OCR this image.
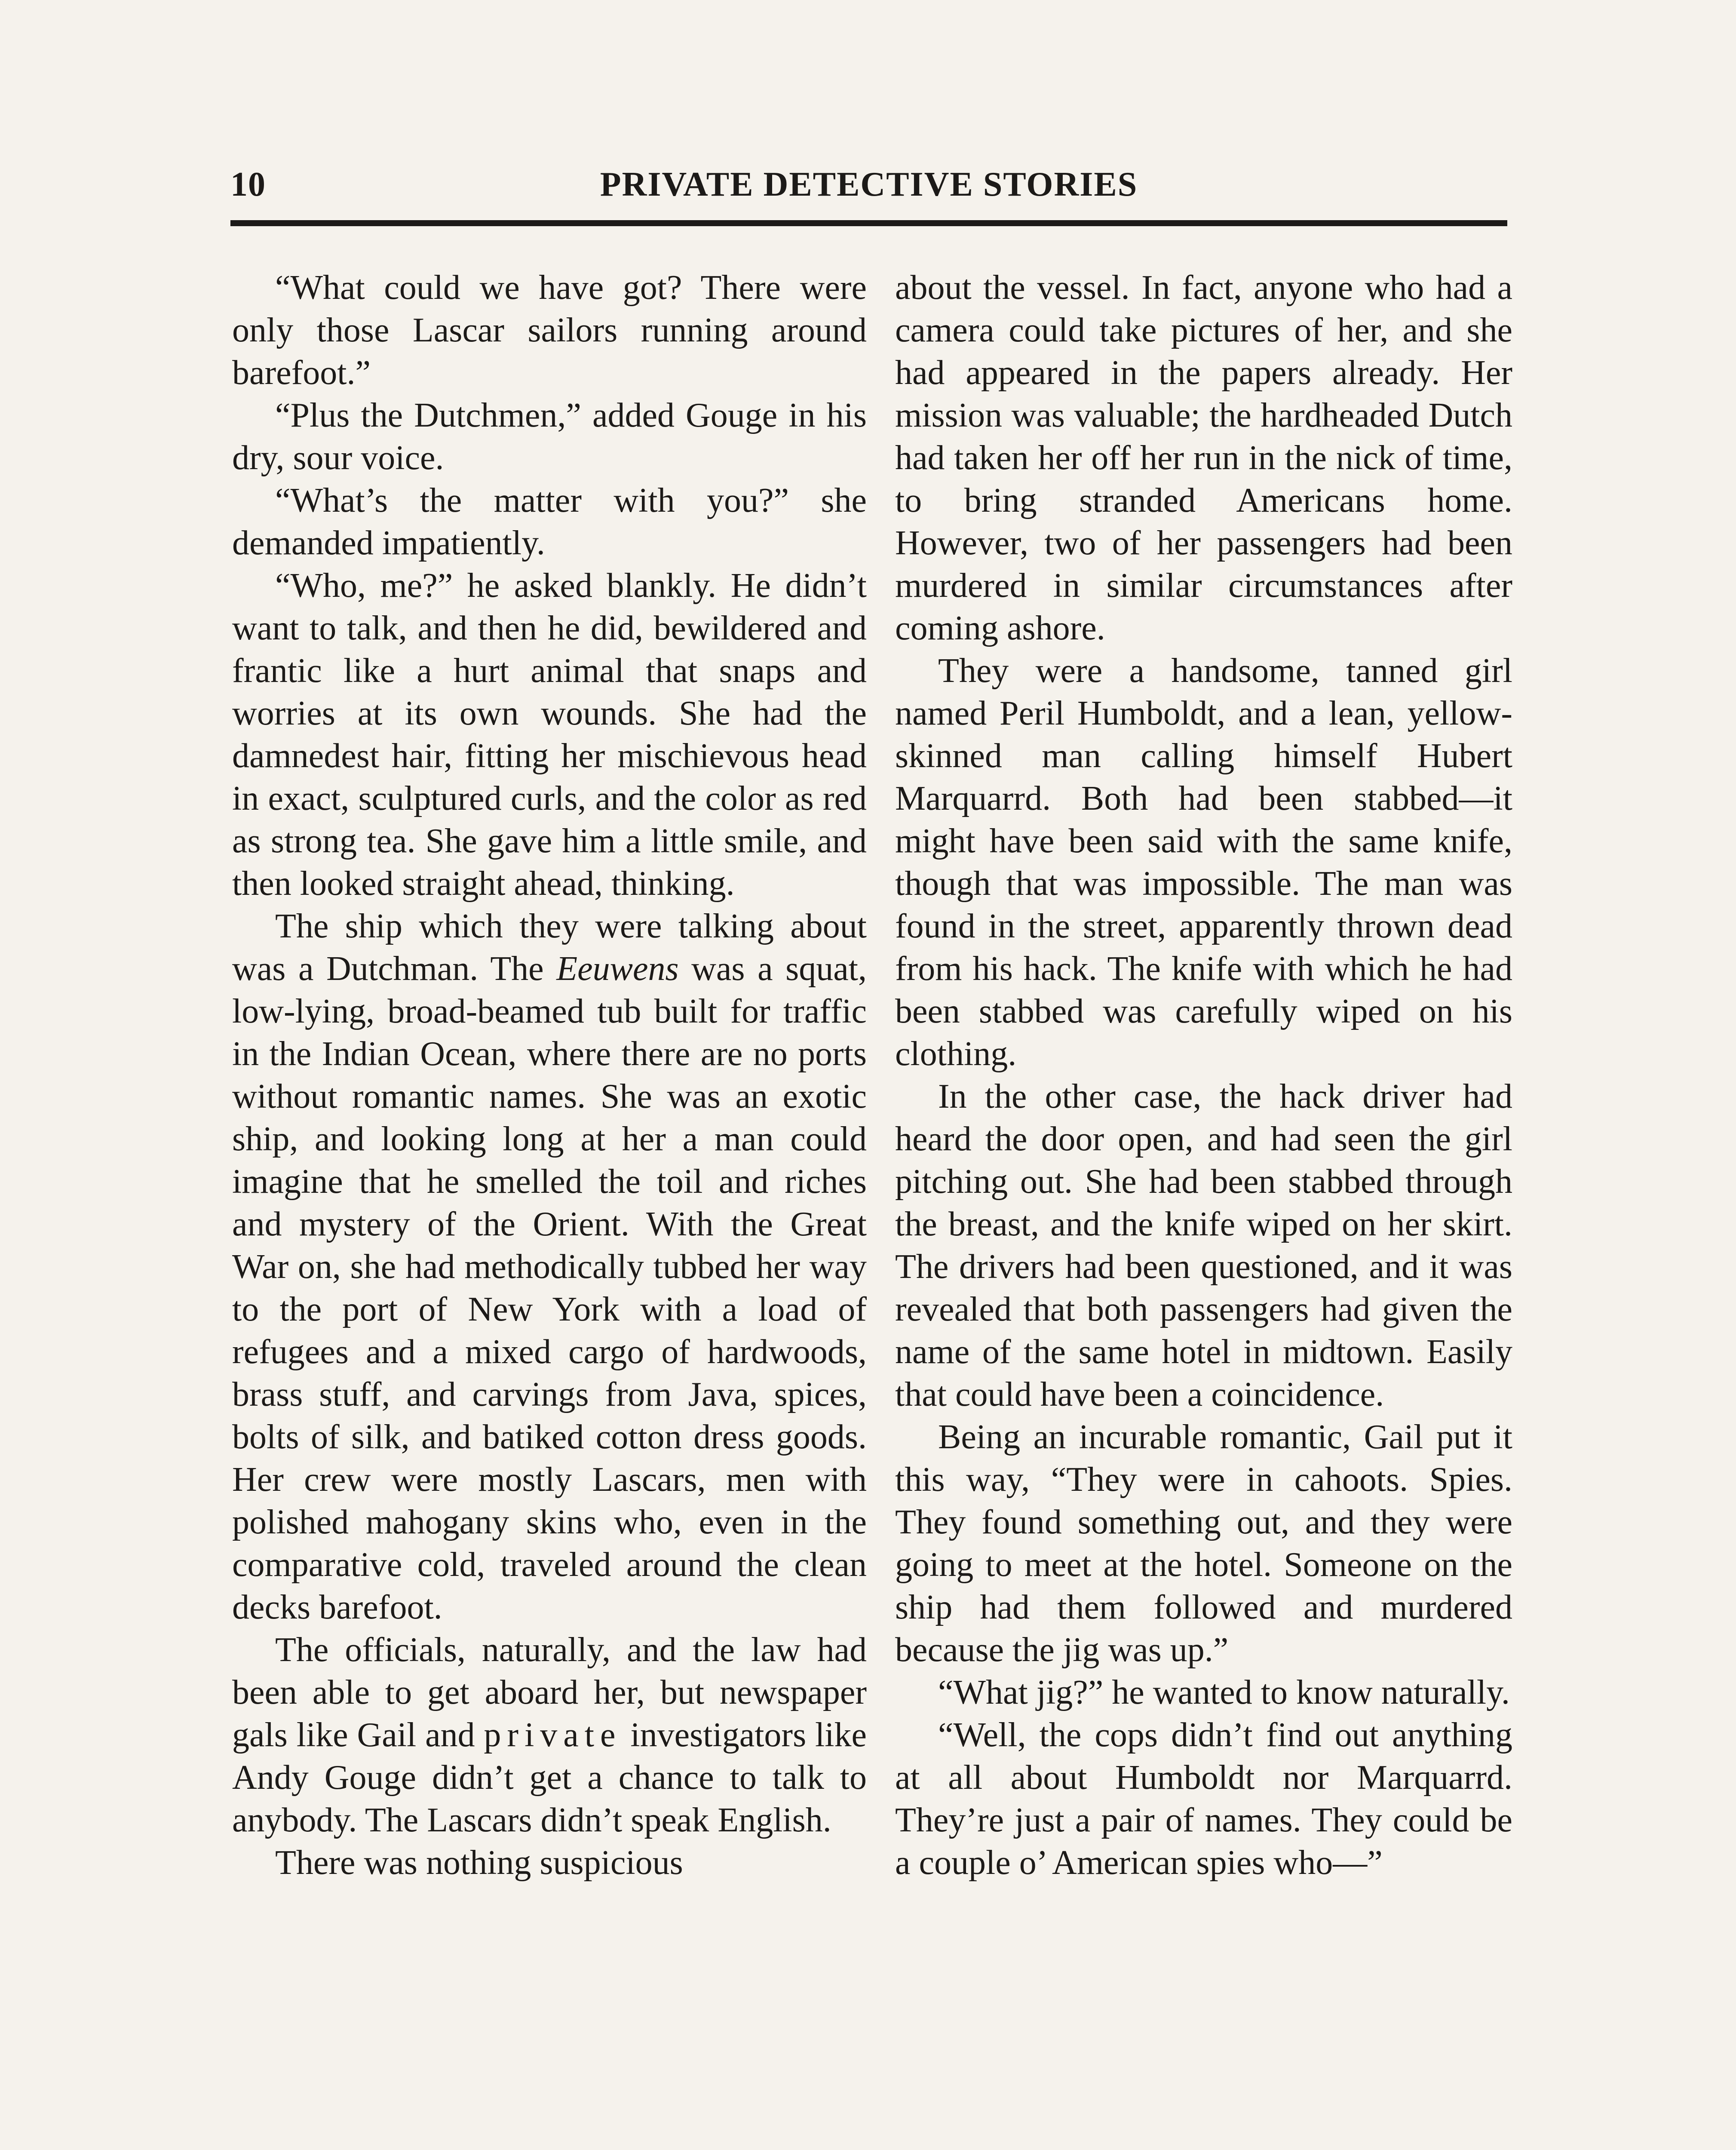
10	PRIVATE DETECTIVE STORIES

“What could we have got? There were only those Lascar sailors running around barefoot.”

“Plus the Dutchmen,” added Gouge in his dry, sour voice.

“What’s the matter with you?” she demanded impatiently.

“Who, me?” he asked blankly. He didn’t want to talk, and then he did, bewildered and frantic like a hurt animal that snaps and worries at its own wounds. She had the damnedest hair, fitting her mischievous head in exact, sculptured curls, and the color as red as strong tea. She gave him a little smile, and then looked straight ahead, thinking.

The ship which they were talking about was a Dutchman. The Eeuwens was a squat, low-lying, broad-beamed tub built for traffic in the Indian Ocean, where there are no ports without romantic names. She was an exotic ship, and looking long at her a man could imagine that he smelled the toil and riches and mystery of the Orient. With the Great War on, she had methodically tubbed her way to the port of New York with a load of refugees and a mixed cargo of hardwoods, brass stuff, and carvings from Java, spices, bolts of silk, and batiked cotton dress goods. Her crew were mostly Lascars, men with polished mahogany skins who, even in the comparative cold, traveled around the clean decks barefoot.

The officials, naturally, and the law had been able to get aboard her, but newspaper gals like Gail and private investigators like Andy Gouge didn’t get a chance to talk to anybody. The Lascars didn’t speak English.

There was nothing suspicious

about the vessel. In fact, anyone who had a camera could take pictures of her, and she had appeared in the papers already. Her mission was valuable; the hardheaded Dutch had taken her off her run in the nick of time, to bring stranded Americans home. However, two of her passengers had been murdered in similar circumstances after coming ashore.

They were a handsome, tanned girl named Peril Humboldt, and a lean, yellow-skinned man calling himself Hubert Marquarrd. Both had been stabbed—it might have been said with the same knife, though that was impossible. The man was found in the street, apparently thrown dead from his hack. The knife with which he had been stabbed was carefully wiped on his clothing.

In the other case, the hack driver had heard the door open, and had seen the girl pitching out. She had been stabbed through the breast, and the knife wiped on her skirt. The drivers had been questioned, and it was revealed that both passengers had given the name of the same hotel in midtown. Easily that could have been a coincidence.

Being an incurable romantic, Gail put it this way, “They were in cahoots. Spies. They found something out, and they were going to meet at the hotel. Someone on the ship had them followed and murdered because the jig was up.”

“What jig?” he wanted to know naturally.

“Well, the cops didn’t find out anything at all about Humboldt nor Marquarrd. They’re just a pair of names. They could be a couple o’ American spies who—”
